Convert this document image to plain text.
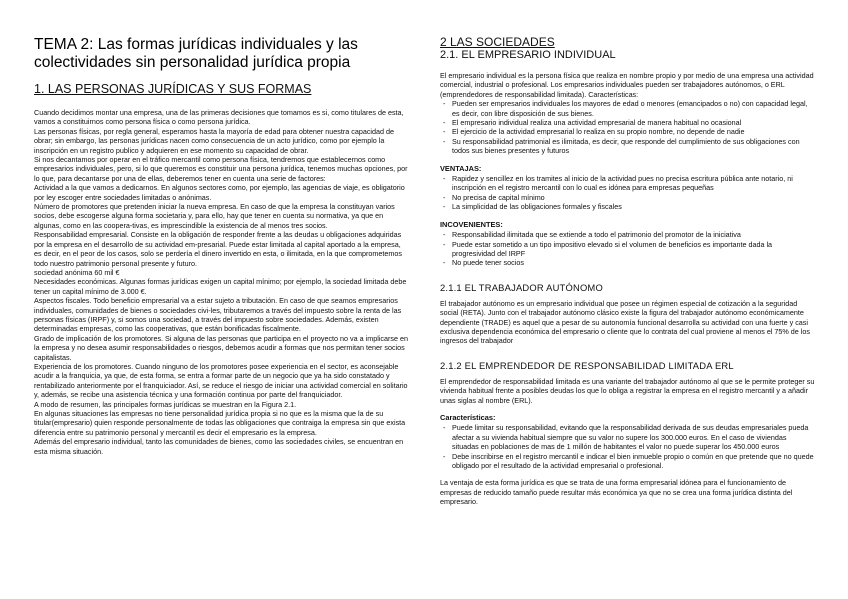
TEMA 2: Las formas jurídicas individuales y las colectividades sin personalidad jurídica propia
1. LAS PERSONAS JURÍDICAS Y SUS FORMAS

Cuando decidimos montar una empresa, una de las primeras decisiones que tomamos es si, como titulares de esta, vamos a constituirnos como persona física o como persona jurídica.

Las personas físicas, por regla general, esperamos hasta la mayoría de edad para obtener nuestra capacidad de obrar; sin embargo, las personas jurídicas nacen como consecuencia de un acto jurídico, como por ejemplo la inscripción en un registro publico y adquieren en ese momento su capacidad de obrar.

Si nos decantamos por operar en el tráfico mercantil como persona física, tendremos que establecernos como empresarios individuales, pero, si lo que queremos es constituir una persona jurídica, tenemos muchas opciones, por lo que, para decantarse por una de ellas, deberemos tener en cuenta una serie de factores:

Actividad a la que vamos a dedicarnos. En algunos sectores como, por ejemplo, las agencias de viaje, es obligatorio por ley escoger entre sociedades limitadas o anónimas.

Número de promotores que pretenden iniciar la nueva empresa. En caso de que la empresa la constituyan varios socios, debe escogerse alguna forma societaria y, para ello, hay que tener en cuenta su normativa, ya que en algunas, como en las coopera-tivas, es imprescindible la existencia de al menos tres socios.

Responsabilidad empresarial. Consiste en la obligación de responder frente a las deudas u obligaciones adquiridas por la empresa en el desarrollo de su actividad em-presarial. Puede estar limitada al capital aportado a la empresa, es decir, en el peor de los casos, solo se perdería el dinero invertido en esta, o ilimitada, en la que comprometemos todo nuestro patrimonio personal presente y futuro.

sociedad anónima 60 mil €

Necesidades económicas. Algunas formas jurídicas exigen un capital mínimo; por ejemplo, la sociedad limitada debe tener un capital mínimo de 3.000 €.

Aspectos fiscales. Todo beneficio empresarial va a estar sujeto a tributación. En caso de que seamos empresarios individuales, comunidades de bienes o sociedades civi-les, tributaremos a través del impuesto sobre la renta de las personas físicas (IRPF) y, si somos una sociedad, a través del impuesto sobre sociedades. Además, existen determinadas empresas, como las cooperativas, que están bonificadas fiscalmente.

Grado de implicación de los promotores. Si alguna de las personas que participa en el proyecto no va a implicarse en la empresa y no desea asumir responsabilidades o riesgos, debemos acudir a formas que nos permitan tener socios capitalistas.

Experiencia de los promotores. Cuando ninguno de los promotores posee experiencia en el sector, es aconsejable acudir a la franquicia, ya que, de esta forma, se entra a formar parte de un negocio que ya ha sido constatado y rentabilizado anteriormente por el franquiciador. Así, se reduce el riesgo de iniciar una actividad comercial en solitario y, además, se recibe una asistencia técnica y una formación continua por parte del franquiciador.

A modo de resumen, las principales formas jurídicas se muestran en la Figura 2.1.

En algunas situaciones las empresas no tiene personalidad jurídica propia si no que es la misma que la de su titular(empresario) quien responde personalmente de todas las obligaciones que contraiga la empresa sin que exista diferencia entre su patrimonio personal y mercantil es decir el empresario es la empresa.

Además del empresario individual, tanto las comunidades de bienes, como las sociedades civiles, se encuentran en esta misma situación.

2 LAS SOCIEDADES
2.1. EL EMPRESARIO INDIVIDUAL

El empresario individual es la persona física que realiza en nombre propio y por medio de una empresa una actividad comercial, industrial o profesional. Los empresarios individuales pueden ser trabajadores autónomos, o ERL (emprendedores de responsabilidad limitada). Características:

- Pueden ser empresarios individuales los mayores de edad o menores (emancipados o no) con capacidad legal, es decir, con libre disposición de sus bienes.
- El empresario individual realiza una actividad empresarial de manera habitual no ocasional
- El ejercicio de la actividad empresarial lo realiza en su propio nombre, no depende de nadie
- Su responsabilidad patrimonial es ilimitada, es decir, que responde del cumplimiento de sus obligaciones con todos sus bienes presentes y futuros
VENTAJAS:
- Rapidez y sencillez en los tramites al inicio de la actividad pues no precisa escritura pública ante notario, ni inscripción en el registro mercantil con lo cual es idónea para empresas pequeñas
- No precisa de capital mínimo
- La simplicidad de las obligaciones formales y fiscales
INCOVENIENTES:
- Responsabilidad ilimitada que se extiende a todo el patrimonio del promotor de la iniciativa
- Puede estar sometido a un tipo impositivo elevado si el volumen de beneficios es importante dada la progresividad del IRPF
- No puede tener socios
2.1.1 EL TRABAJADOR AUTÓNOMO

El trabajador autónomo es un empresario individual que posee un régimen especial de cotización a la seguridad social (RETA). Junto con el trabajador autónomo clásico existe la figura del trabajador autónomo económicamente dependiente (TRADE) es aquel que a pesar de su autonomía funcional desarrolla su actividad con una fuerte y casi exclusiva dependencia económica del empresario o cliente que lo contrata del cual proviene al menos el 75% de los ingresos del trabajador

2.1.2 EL EMPRENDEDOR DE RESPONSABILIDAD LIMITADA ERL

El emprendedor de responsabilidad limitada es una variante del trabajador autónomo al que se le permite proteger su vivienda habitual frente a posibles deudas los que lo obliga a registrar la empresa en el registro mercantil y a añadir unas siglas al nombre (ERL).

Características:
- Puede limitar su responsabilidad, evitando que la responsabilidad derivada de sus deudas empresariales pueda afectar a su vivienda habitual siempre que su valor no supere los 300.000 euros. En el caso de viviendas situadas en poblaciones de mas de 1 millón de habitantes el valor no puede superar los 450.000 euros
- Debe inscribirse en el registro mercantil e indicar el bien inmueble propio o común en que pretende que no quede obligado por el resultado de la actividad empresarial o profesional.

La ventaja de esta forma jurídica es que se trata de una forma empresarial idónea para el funcionamiento de empresas de reducido tamaño puede resultar más económica ya que no se crea una forma jurídica distinta del empresario.
